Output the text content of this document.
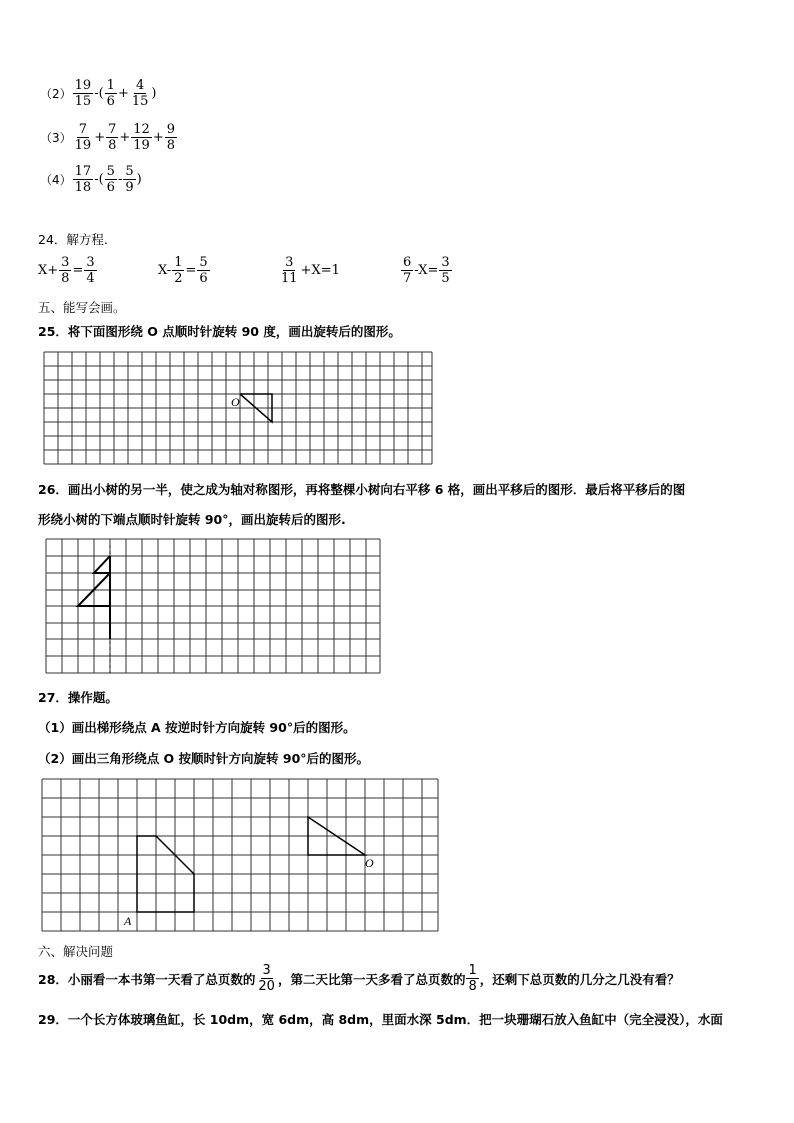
$(2) \frac{19}{15}$ -( $\frac{1}{6} + \frac{4}{15}$ )
$(3) \frac{7}{19} + \frac{7}{8} + \frac{12}{19} + \frac{9}{8}$
$(4) \frac{17}{18}$ -( $\frac{5}{6} - \frac{5}{9}$ )
24．解方程.
$X+ \frac{3}{8} = \frac{3}{4}$	$X- \frac{1}{2} = \frac{5}{6}$	$\frac{3}{11} +X=1$	$\frac{6}{7} -X= \frac{3}{5}$
五、能写会画。
25．将下面图形绕 O 点顺时针旋转 90 度，画出旋转后的图形。
O
26．画出小树的另一半，使之成为轴对称图形，再将整棵小树向右平移 6 格，画出平移后的图形．最后将平移后的图
形绕小树的下端点顺时针旋转 90°，画出旋转后的图形.
27．操作题。
（1）画出梯形绕点 A 按逆时针方向旋转 90°后的图形。
（2）画出三角形绕点 O 按顺时针方向旋转 90°后的图形。
A
O
六、解决问题
28．小丽看一本书第一天看了总页数的 $\frac{3}{20}$ ，第二天比第一天多看了总页数的 $\frac{1}{8}$ ，还剩下总页数的几分之几没有看？
29．一个长方体玻璃鱼缸，长 10dm，宽 6dm，高 8dm，里面水深 5dm．把一块珊瑚石放入鱼缸中（完全浸没），水面
